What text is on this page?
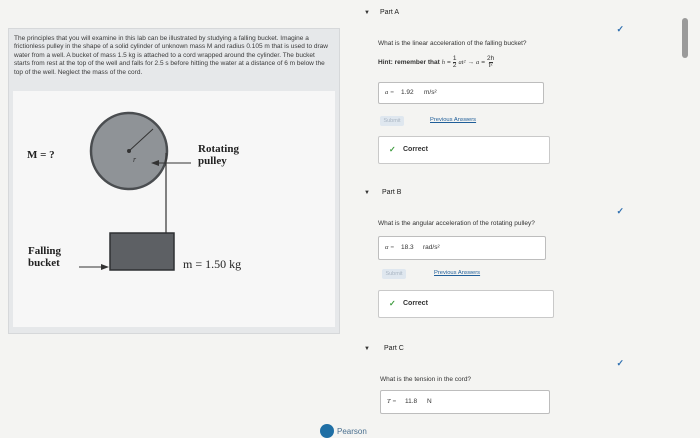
The principles that you will examine in this lab can be illustrated by studying a falling bucket. Imagine a frictionless pulley in the shape of a solid cylinder of unknown mass M and radius 0.105 m that is used to draw water from a well. A bucket of mass 1.5 kg is attached to a cord wrapped around the cylinder. The bucket starts from rest at the top of the well and falls for 2.5 s before hitting the water at a distance of 6 m below the top of the well. Neglect the mass of the cord.
M = ?	r
Rotating
pulley
Falling
bucket	m = 1.50 kg
▼ Part A
✓
What is the linear acceleration of the falling bucket?
Hint: remember that $h = \frac{1}{2} at^2 \to a = \frac{2h}{\text{t²}}$
a = 1.92 m/s²
Submit	Previous Answers
✓ Correct
▼ Part B
✓
What is the angular acceleration of the rotating pulley?
α = 18.3 rad/s²
Submit	Previous Answers
✓ Correct
▼ Part C
✓
What is the tension in the cord?
T = 11.8 N
Pearson
